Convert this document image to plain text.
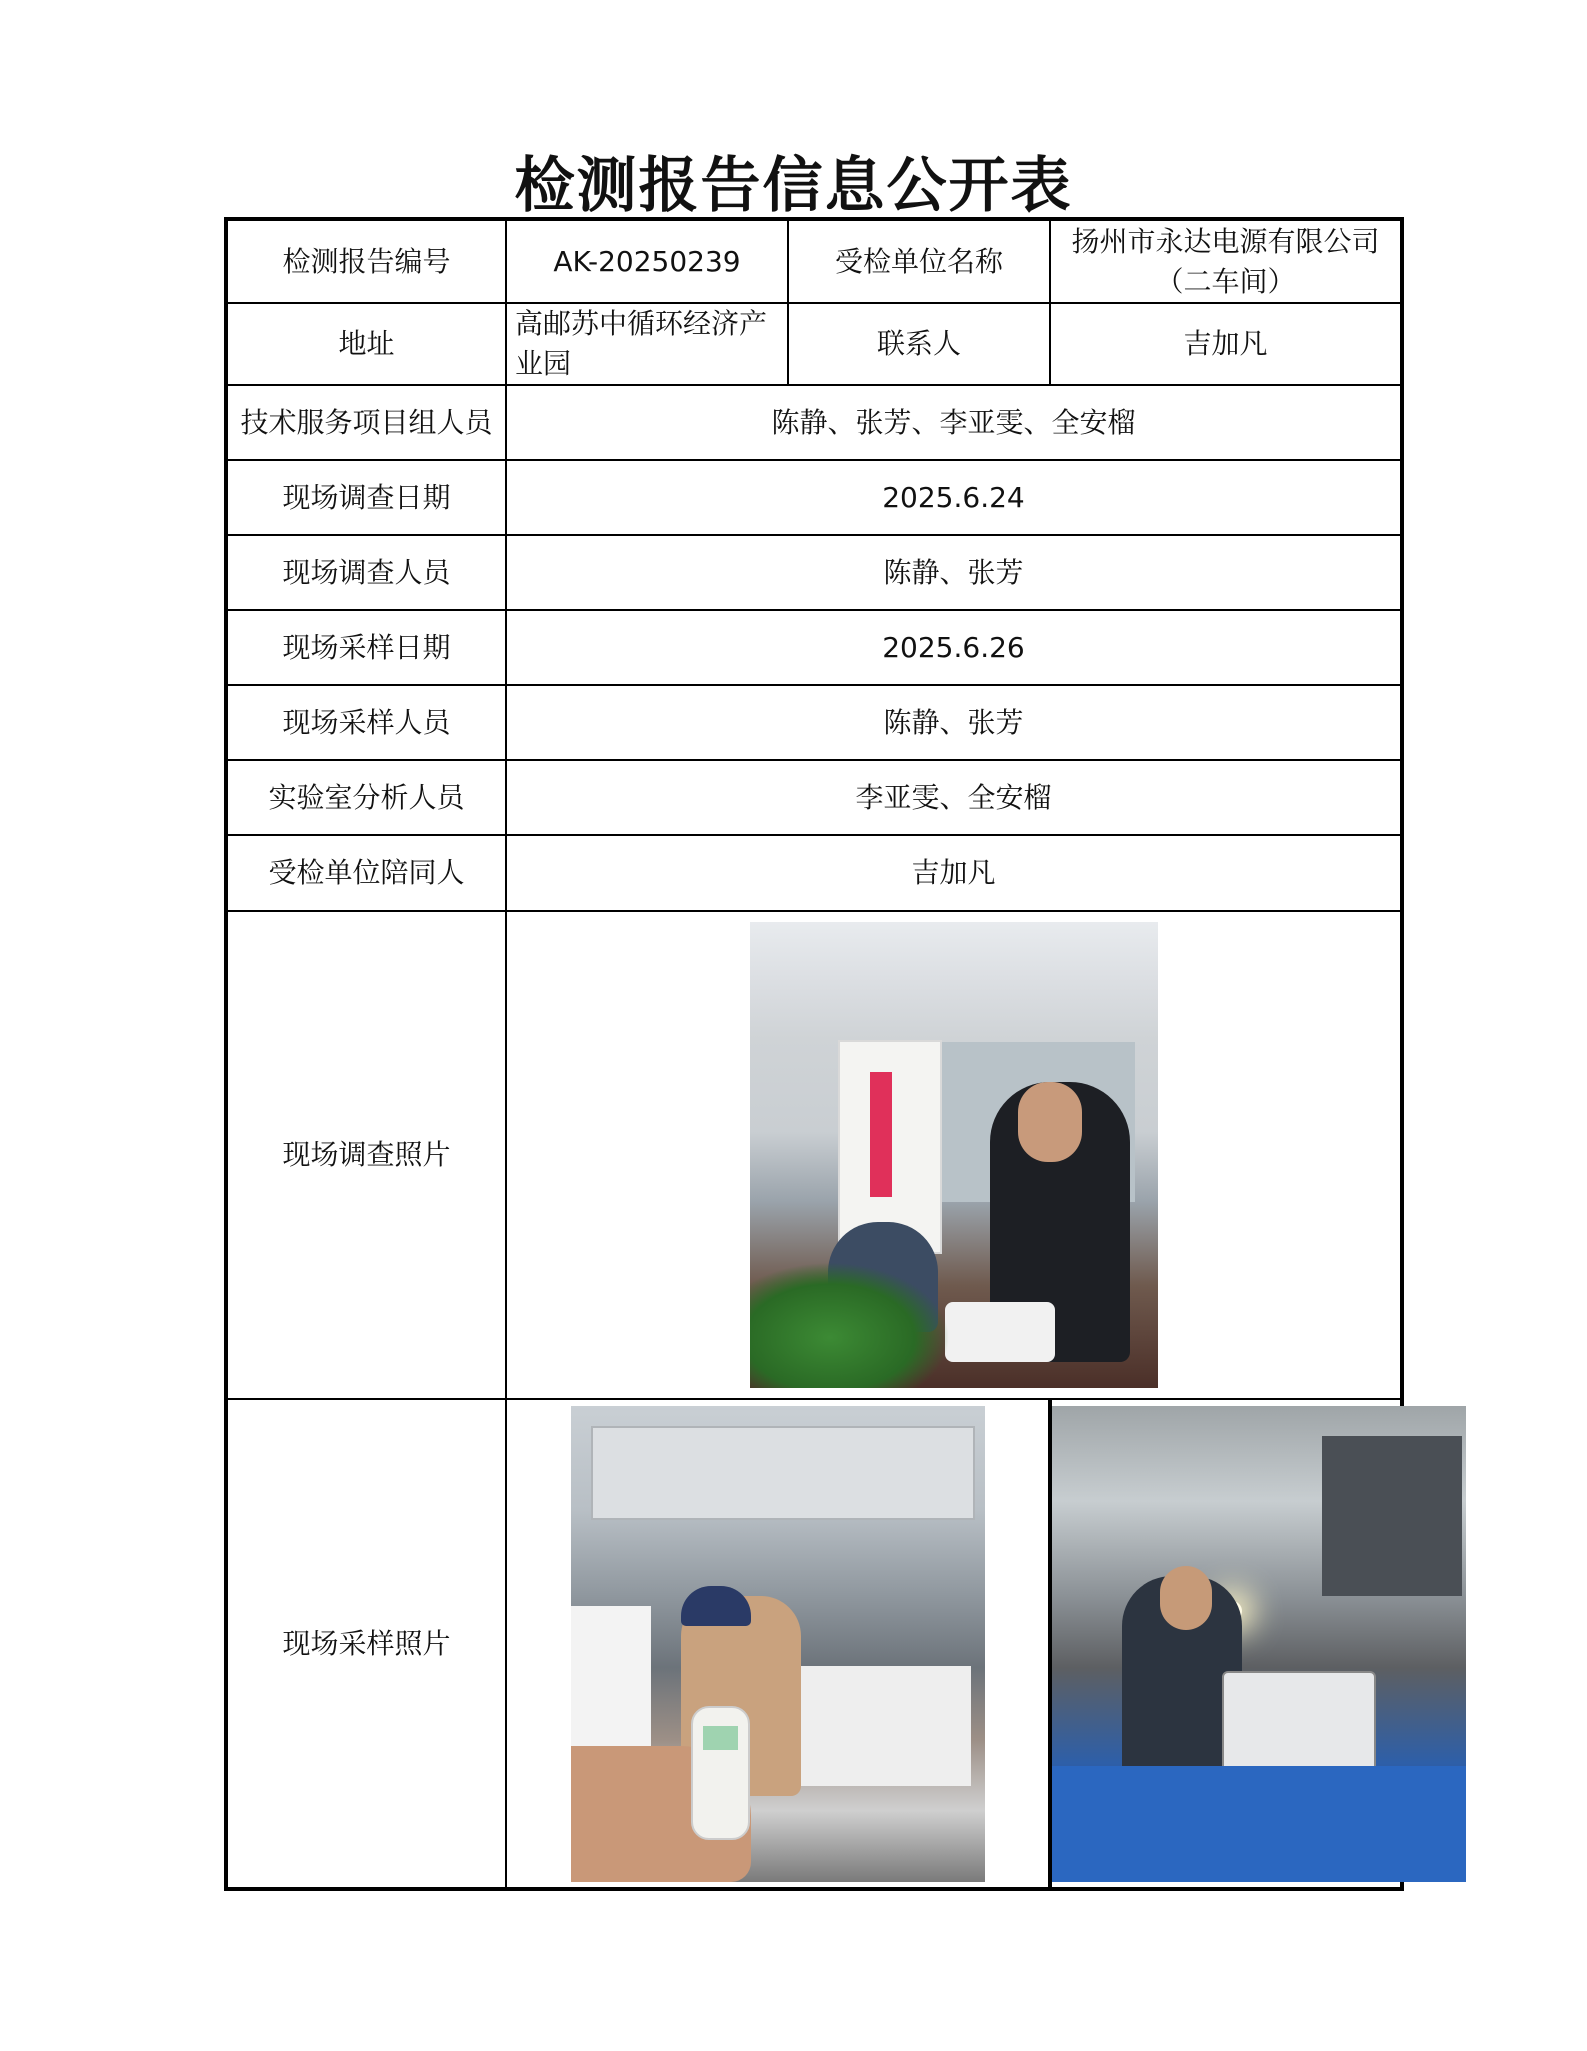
检测报告信息公开表
检测报告编号	AK-20250239	受检单位名称	扬州市永达电源有限公司
（二车间）

地址	高邮苏中循环经济产业园	联系人	吉加凡
技术服务项目组人员	陈静、张芳、李亚雯、全安榴		
现场调查日期	2025.6.24		
现场调查人员	陈静、张芳		
现场采样日期	2025.6.26		
现场采样人员	陈静、张芳		
实验室分析人员	李亚雯、全安榴		
受检单位陪同人	吉加凡		
现场调查照片			

现场采样照片		
